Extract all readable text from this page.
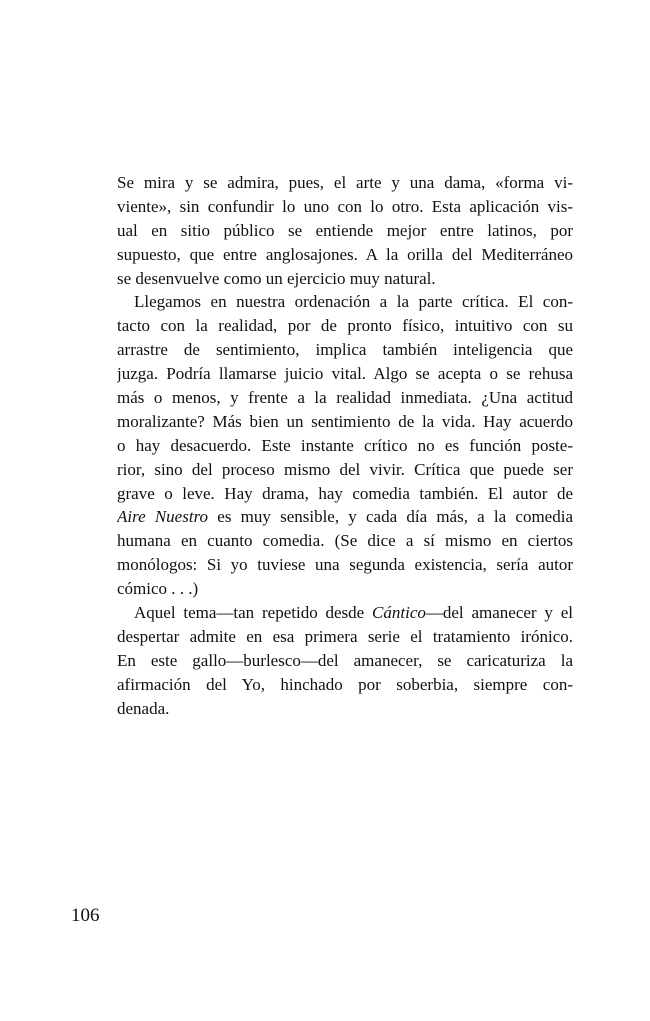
Se mira y se admira, pues, el arte y una dama, «forma vi-
viente», sin confundir lo uno con lo otro. Esta aplicación vis-
ual en sitio público se entiende mejor entre latinos, por
supuesto, que entre anglosajones. A la orilla del Mediterráneo
se desenvuelve como un ejercicio muy natural.
Llegamos en nuestra ordenación a la parte crítica. El con-
tacto con la realidad, por de pronto físico, intuitivo con su
arrastre de sentimiento, implica también inteligencia que
juzga. Podría llamarse juicio vital. Algo se acepta o se rehusa
más o menos, y frente a la realidad inmediata. ¿Una actitud
moralizante? Más bien un sentimiento de la vida. Hay acuerdo
o hay desacuerdo. Este instante crítico no es función poste-
rior, sino del proceso mismo del vivir. Crítica que puede ser
grave o leve. Hay drama, hay comedia también. El autor de
Aire Nuestro es muy sensible, y cada día más, a la comedia
humana en cuanto comedia. (Se dice a sí mismo en ciertos
monólogos: Si yo tuviese una segunda existencia, sería autor
cómico . . .)
Aquel tema—tan repetido desde Cántico—del amanecer y el
despertar admite en esa primera serie el tratamiento irónico.
En este gallo—burlesco—del amanecer, se caricaturiza la
afirmación del Yo, hinchado por soberbia, siempre con-
denada.
106
